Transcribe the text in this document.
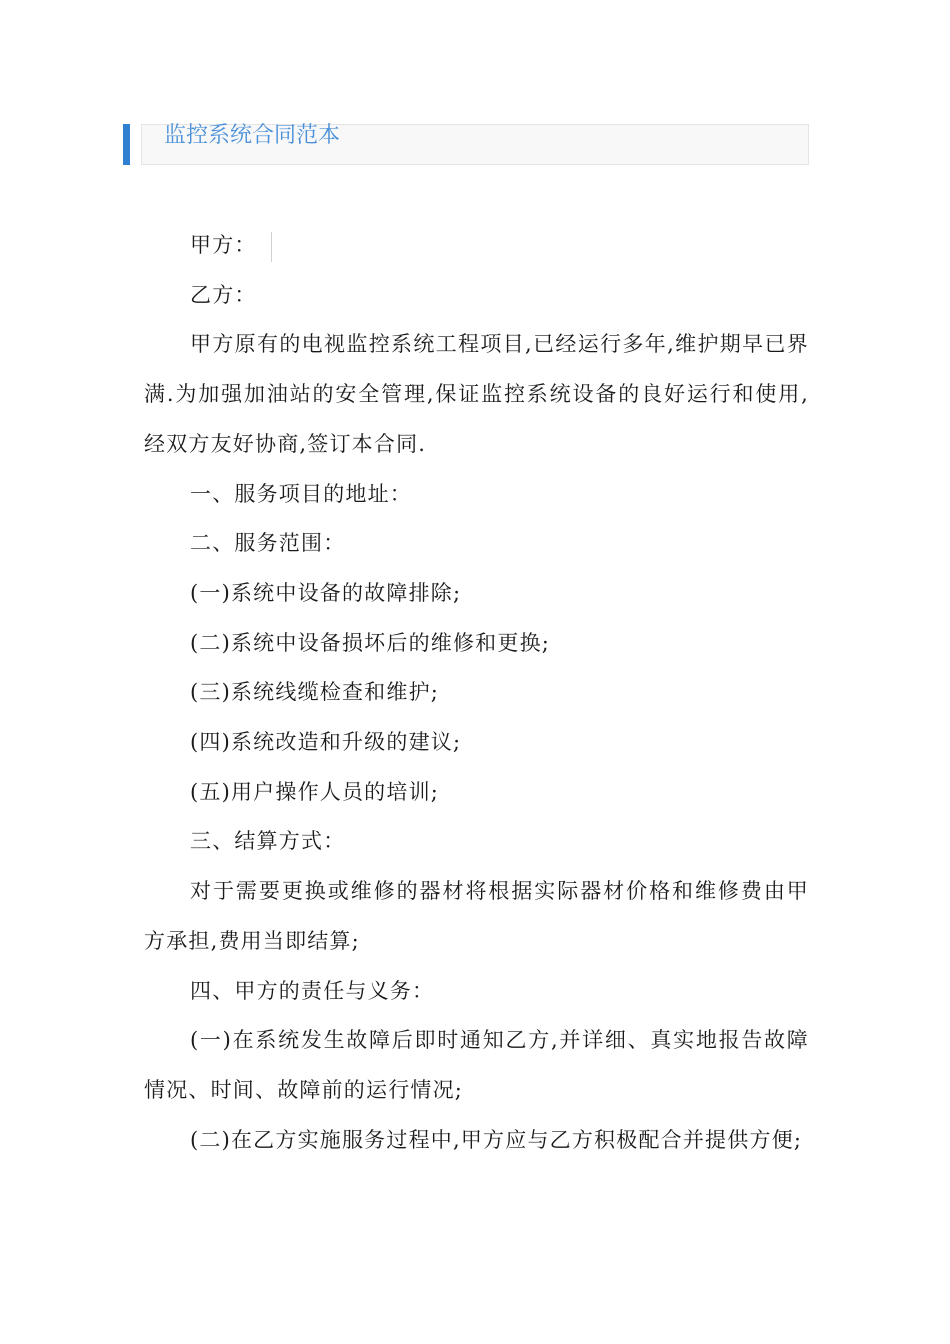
监控系统合同范本

甲方：

乙方：

甲方原有的电视监控系统工程项目,已经运行多年,维护期早已界满.为加强加油站的安全管理,保证监控系统设备的良好运行和使用,经双方友好协商,签订本合同.

一、服务项目的地址：

二、服务范围：

(一)系统中设备的故障排除;

(二)系统中设备损坏后的维修和更换;

(三)系统线缆检查和维护;

(四)系统改造和升级的建议;

(五)用户操作人员的培训;

三、结算方式：

对于需要更换或维修的器材将根据实际器材价格和维修费由甲方承担,费用当即结算;

四、甲方的责任与义务：

(一)在系统发生故障后即时通知乙方,并详细、真实地报告故障情况、时间、故障前的运行情况;

(二)在乙方实施服务过程中,甲方应与乙方积极配合并提供方便;
